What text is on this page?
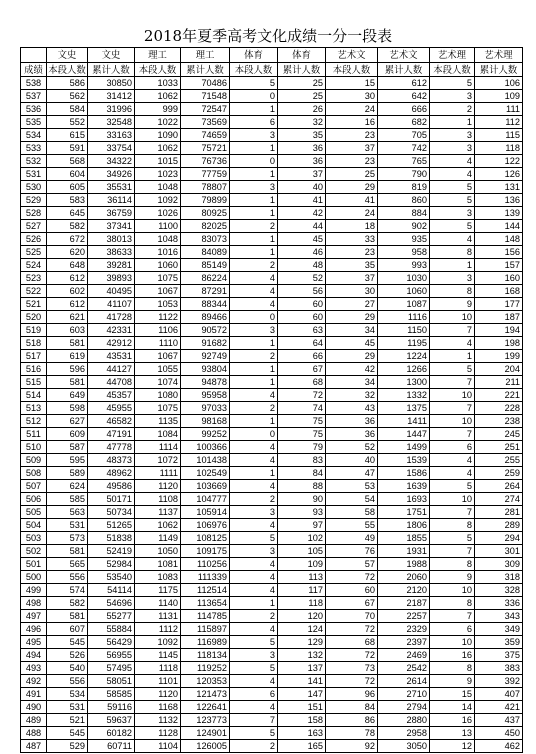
2018年夏季高考文化成绩一分一段表
	文史	文史	理工	理工	体育	体育	艺术文	艺术文	艺术理	艺术理
成绩	本段人数	累计人数	本段人数	累计人数	本段人数	累计人数	本段人数	累计人数	本段人数	累计人数
538	586	30850	1033	70486	5	25	15	612	5	106
537	562	31412	1062	71548	0	25	30	642	3	109
536	584	31996	999	72547	1	26	24	666	2	111
535	552	32548	1022	73569	6	32	16	682	1	112
534	615	33163	1090	74659	3	35	23	705	3	115
533	591	33754	1062	75721	1	36	37	742	3	118
532	568	34322	1015	76736	0	36	23	765	4	122
531	604	34926	1023	77759	1	37	25	790	4	126
530	605	35531	1048	78807	3	40	29	819	5	131
529	583	36114	1092	79899	1	41	41	860	5	136
528	645	36759	1026	80925	1	42	24	884	3	139
527	582	37341	1100	82025	2	44	18	902	5	144
526	672	38013	1048	83073	1	45	33	935	4	148
525	620	38633	1016	84089	1	46	23	958	8	156
524	648	39281	1060	85149	2	48	35	993	1	157
523	612	39893	1075	86224	4	52	37	1030	3	160
522	602	40495	1067	87291	4	56	30	1060	8	168
521	612	41107	1053	88344	4	60	27	1087	9	177
520	621	41728	1122	89466	0	60	29	1116	10	187
519	603	42331	1106	90572	3	63	34	1150	7	194
518	581	42912	1110	91682	1	64	45	1195	4	198
517	619	43531	1067	92749	2	66	29	1224	1	199
516	596	44127	1055	93804	1	67	42	1266	5	204
515	581	44708	1074	94878	1	68	34	1300	7	211
514	649	45357	1080	95958	4	72	32	1332	10	221
513	598	45955	1075	97033	2	74	43	1375	7	228
512	627	46582	1135	98168	1	75	36	1411	10	238
511	609	47191	1084	99252	0	75	36	1447	7	245
510	587	47778	1114	100366	4	79	52	1499	6	251
509	595	48373	1072	101438	4	83	40	1539	4	255
508	589	48962	1111	102549	1	84	47	1586	4	259
507	624	49586	1120	103669	4	88	53	1639	5	264
506	585	50171	1108	104777	2	90	54	1693	10	274
505	563	50734	1137	105914	3	93	58	1751	7	281
504	531	51265	1062	106976	4	97	55	1806	8	289
503	573	51838	1149	108125	5	102	49	1855	5	294
502	581	52419	1050	109175	3	105	76	1931	7	301
501	565	52984	1081	110256	4	109	57	1988	8	309
500	556	53540	1083	111339	4	113	72	2060	9	318
499	574	54114	1175	112514	4	117	60	2120	10	328
498	582	54696	1140	113654	1	118	67	2187	8	336
497	581	55277	1131	114785	2	120	70	2257	7	343
496	607	55884	1112	115897	4	124	72	2329	6	349
495	545	56429	1092	116989	5	129	68	2397	10	359
494	526	56955	1145	118134	3	132	72	2469	16	375
493	540	57495	1118	119252	5	137	73	2542	8	383
492	556	58051	1101	120353	4	141	72	2614	9	392
491	534	58585	1120	121473	6	147	96	2710	15	407
490	531	59116	1168	122641	4	151	84	2794	14	421
489	521	59637	1132	123773	7	158	86	2880	16	437
488	545	60182	1128	124901	5	163	78	2958	13	450
487	529	60711	1104	126005	2	165	92	3050	12	462
